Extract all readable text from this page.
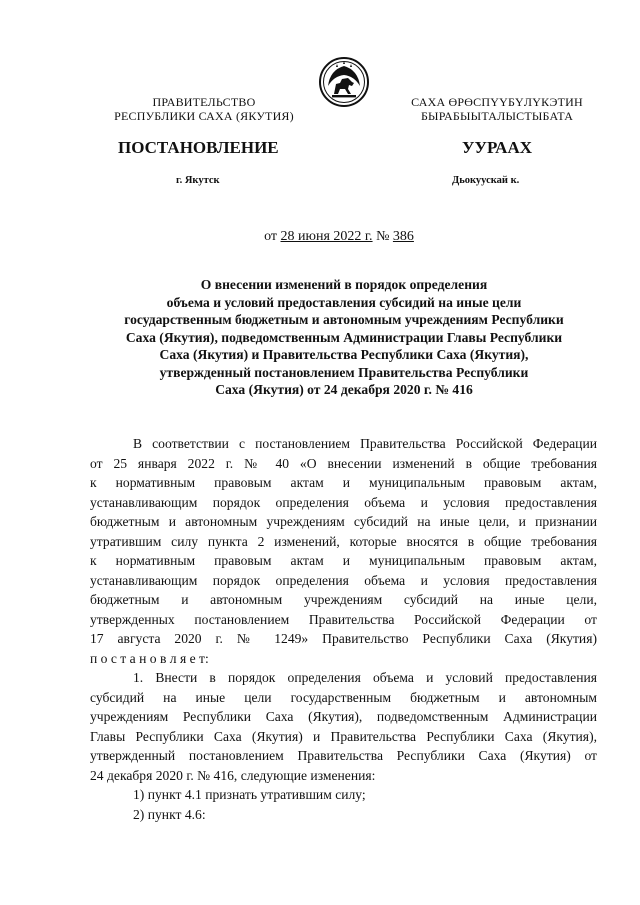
ПРАВИТЕЛЬСТВО
РЕСПУБЛИКИ САХА (ЯКУТИЯ)
САХА ӨРӨСПҮҮБҮЛҮКЭТИН
БЫРАБЫЫТАЛЫСТЫБАТА
ПОСТАНОВЛЕНИЕ	УУРААХ
г. Якутск	Дьокуускай к.
от 28 июня 2022 г. № 386
О внесении изменений в порядок определения
объема и условий предоставления субсидий на иные цели
государственным бюджетным и автономным учреждениям Республики
Саха (Якутия), подведомственным Администрации Главы Республики
Саха (Якутия) и Правительства Республики Саха (Якутия),
утвержденный постановлением Правительства Республики
Саха (Якутия) от 24 декабря 2020 г. № 416
В соответствии с постановлением Правительства Российской Федерации
от 25 января 2022 г. № 40 «О внесении изменений в общие требования
к нормативным правовым актам и муниципальным правовым актам,
устанавливающим порядок определения объема и условия предоставления
бюджетным и автономным учреждениям субсидий на иные цели, и признании
утратившим силу пункта 2 изменений, которые вносятся в общие требования
к нормативным правовым актам и муниципальным правовым актам,
устанавливающим порядок определения объема и условия предоставления
бюджетным и автономным учреждениям субсидий на иные цели,
утвержденных постановлением Правительства Российской Федерации от
17 августа 2020 г. № 1249» Правительство Республики Саха (Якутия)
п о с т а н о в л я е т:
1. Внести в порядок определения объема и условий предоставления
субсидий на иные цели государственным бюджетным и автономным
учреждениям Республики Саха (Якутия), подведомственным Администрации
Главы Республики Саха (Якутия) и Правительства Республики Саха (Якутия),
утвержденный постановлением Правительства Республики Саха (Якутия) от
24 декабря 2020 г. № 416, следующие изменения:
1) пункт 4.1 признать утратившим силу;
2) пункт 4.6:
